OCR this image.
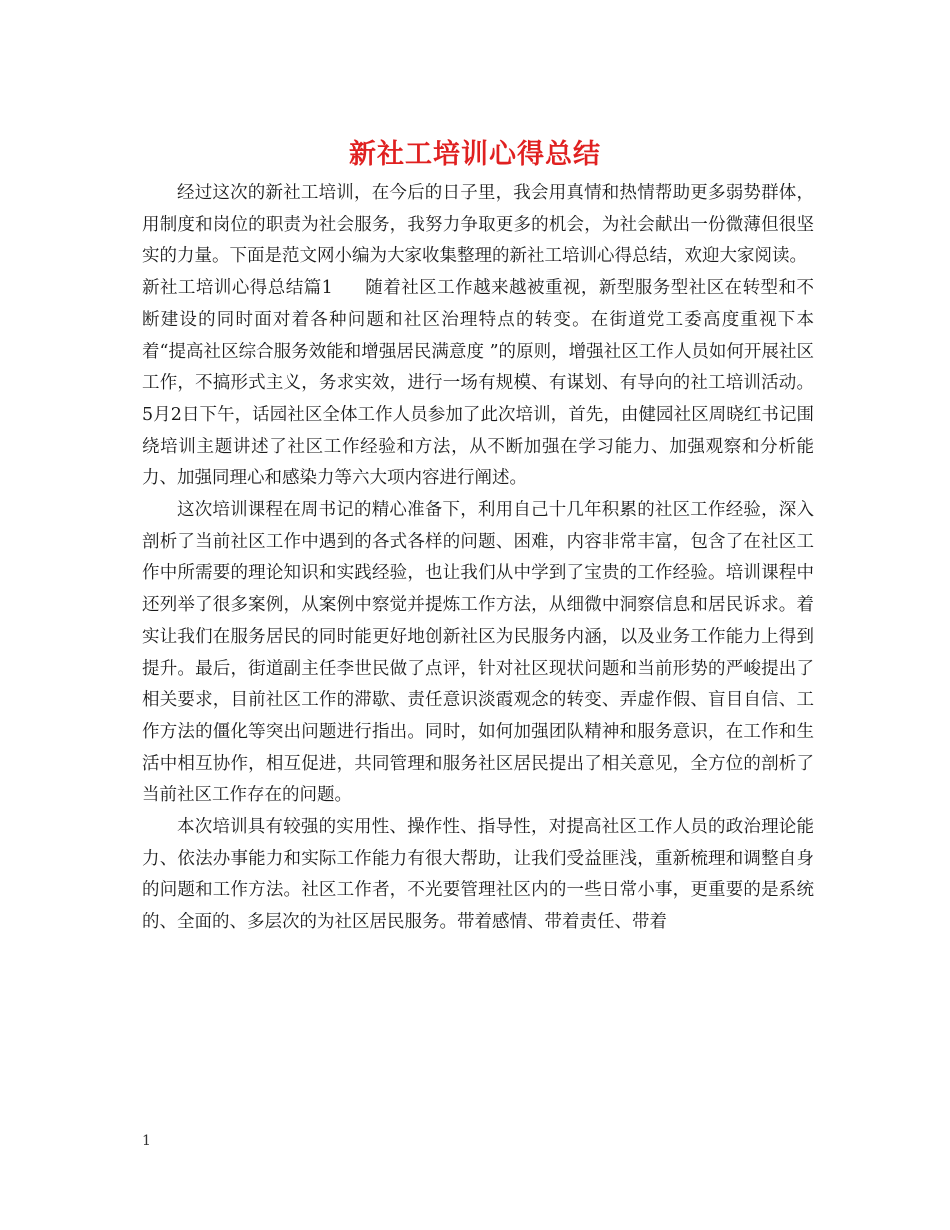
新社工培训心得总结

经过这次的新社工培训，在今后的日子里，我会用真情和热情帮助更多弱势群体，用制度和岗位的职责为社会服务，我努力争取更多的机会，为社会献出一份微薄但很坚实的力量。下面是范文网小编为大家收集整理的新社工培训心得总结，欢迎大家阅读。

新社工培训心得总结篇1 随着社区工作越来越被重视，新型服务型社区在转型和不断建设的同时面对着各种问题和社区治理特点的转变。在街道党工委高度重视下本着“提高社区综合服务效能和增强居民满意度 ”的原则，增强社区工作人员如何开展社区工作，不搞形式主义，务求实效，进行一场有规模、有谋划、有导向的社工培训活动。5月2日下午，话园社区全体工作人员参加了此次培训，首先，由健园社区周晓红书记围绕培训主题讲述了社区工作经验和方法，从不断加强在学习能力、加强观察和分析能力、加强同理心和感染力等六大项内容进行阐述。

这次培训课程在周书记的精心准备下，利用自己十几年积累的社区工作经验，深入剖析了当前社区工作中遇到的各式各样的问题、困难，内容非常丰富，包含了在社区工作中所需要的理论知识和实践经验，也让我们从中学到了宝贵的工作经验。培训课程中还列举了很多案例，从案例中察觉并提炼工作方法，从细微中洞察信息和居民诉求。着实让我们在服务居民的同时能更好地创新社区为民服务内涵，以及业务工作能力上得到提升。最后，街道副主任李世民做了点评，针对社区现状问题和当前形势的严峻提出了相关要求，目前社区工作的滞歇、责任意识淡霞观念的转变、弄虚作假、盲目自信、工作方法的僵化等突出问题进行指出。同时，如何加强团队精神和服务意识，在工作和生活中相互协作，相互促进，共同管理和服务社区居民提出了相关意见，全方位的剖析了当前社区工作存在的问题。

本次培训具有较强的实用性、操作性、指导性，对提高社区工作人员的政治理论能力、依法办事能力和实际工作能力有很大帮助，让我们受益匪浅，重新梳理和调整自身的问题和工作方法。社区工作者，不光要管理社区内的一些日常小事，更重要的是系统的、全面的、多层次的为社区居民服务。带着感情、带着责任、带着

1
